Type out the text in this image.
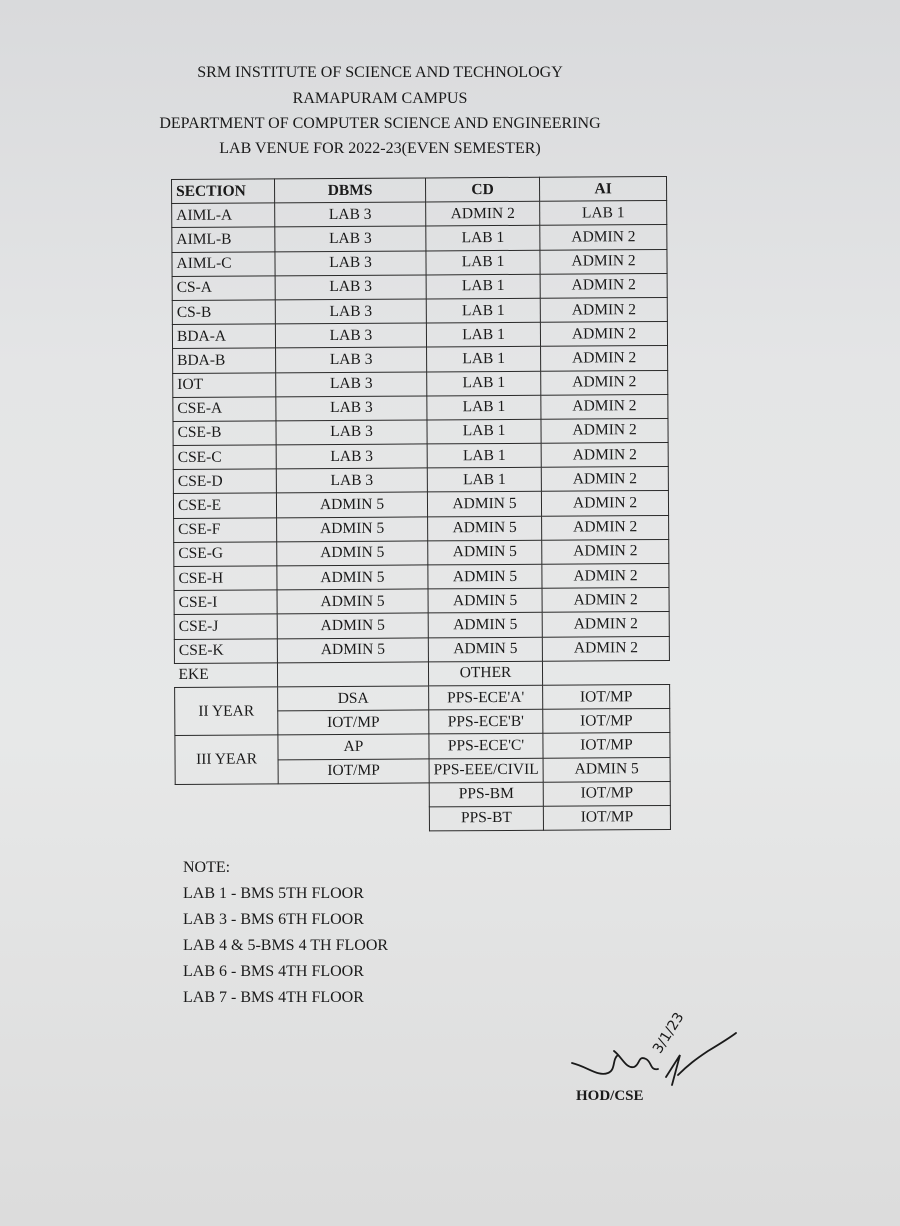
SRM INSTITUTE OF SCIENCE AND TECHNOLOGY
RAMAPURAM CAMPUS
DEPARTMENT OF COMPUTER SCIENCE AND ENGINEERING
LAB VENUE FOR 2022-23(EVEN SEMESTER)
SECTION	DBMS	CD	AI
AIML-A	LAB 3	ADMIN 2	LAB 1
AIML-B	LAB 3	LAB 1	ADMIN 2
AIML-C	LAB 3	LAB 1	ADMIN 2
CS-A	LAB 3	LAB 1	ADMIN 2
CS-B	LAB 3	LAB 1	ADMIN 2
BDA-A	LAB 3	LAB 1	ADMIN 2
BDA-B	LAB 3	LAB 1	ADMIN 2
IOT	LAB 3	LAB 1	ADMIN 2
CSE-A	LAB 3	LAB 1	ADMIN 2
CSE-B	LAB 3	LAB 1	ADMIN 2
CSE-C	LAB 3	LAB 1	ADMIN 2
CSE-D	LAB 3	LAB 1	ADMIN 2
CSE-E	ADMIN 5	ADMIN 5	ADMIN 2
CSE-F	ADMIN 5	ADMIN 5	ADMIN 2
CSE-G	ADMIN 5	ADMIN 5	ADMIN 2
CSE-H	ADMIN 5	ADMIN 5	ADMIN 2
CSE-I	ADMIN 5	ADMIN 5	ADMIN 2
CSE-J	ADMIN 5	ADMIN 5	ADMIN 2
CSE-K	ADMIN 5	ADMIN 5	ADMIN 2
EKE		OTHER	
II YEAR	DSA	PPS-ECE'A'	IOT/MP
	IOT/MP	PPS-ECE'B'	IOT/MP
III YEAR	AP	PPS-ECE'C'	IOT/MP
	IOT/MP	PPS-EEE/CIVIL	ADMIN 5
		PPS-BM	IOT/MP
		PPS-BT	IOT/MP
NOTE:
LAB 1 - BMS 5TH FLOOR
LAB 3 - BMS 6TH FLOOR
LAB 4 & 5-BMS 4 TH FLOOR
LAB 6 - BMS 4TH FLOOR
LAB 7 - BMS 4TH FLOOR
HOD/CSE
3/1/23
